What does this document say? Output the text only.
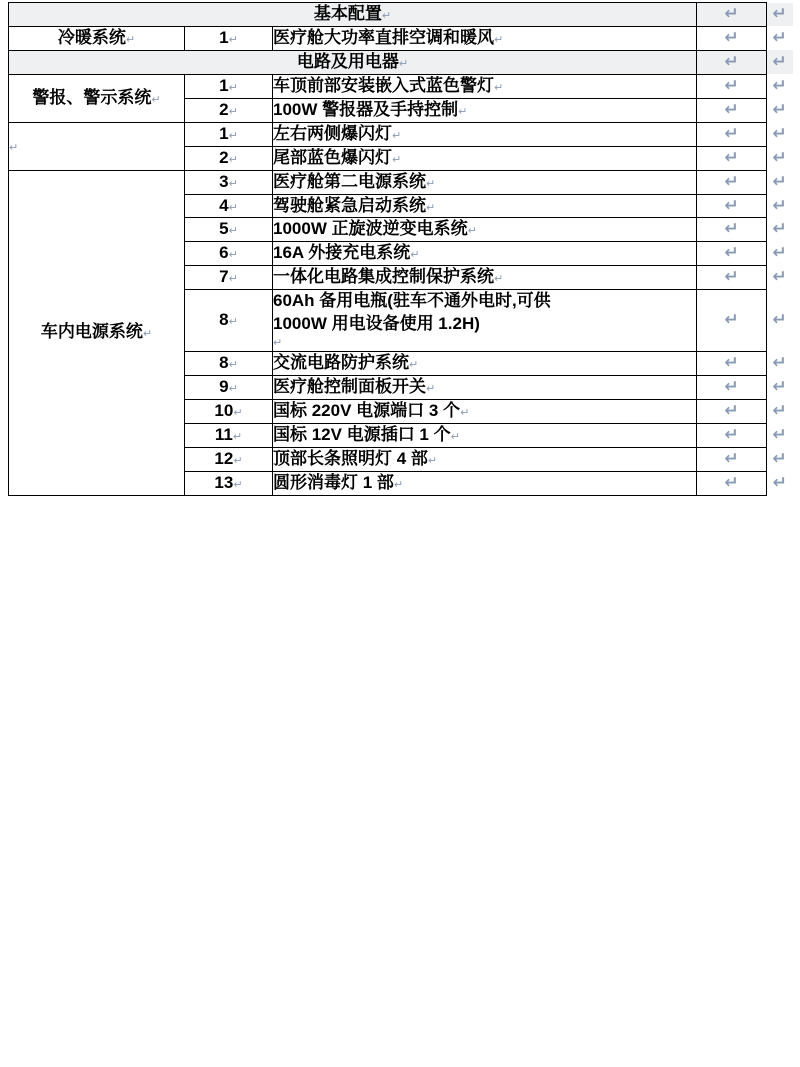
基本配置↵			↵	↵
冷暖系统↵	1↵	医疗舱大功率直排空调和暖风↵	↵	↵
电路及用电器↵			↵	↵
警报、警示系统↵	1↵	车顶前部安装嵌入式蓝色警灯↵	↵	↵
	2↵	100W 警报器及手持控制↵	↵	↵
↵	1↵	左右两侧爆闪灯↵	↵	↵
	2↵	尾部蓝色爆闪灯↵	↵	↵
车内电源系统↵	3↵	医疗舱第二电源系统↵	↵	↵
	4↵	驾驶舱紧急启动系统↵	↵	↵
	5↵	1000W 正旋波逆变电系统↵	↵	↵
	6↵	16A 外接充电系统↵	↵	↵
	7↵	一体化电路集成控制保护系统↵	↵	↵
	8↵	60Ah 备用电瓶(驻车不通外电时,可供
1000W 用电设备使用 1.2H)
↵	↵	↵
	8↵	交流电路防护系统↵	↵	↵
	9↵	医疗舱控制面板开关↵	↵	↵
	10↵	国标 220V 电源端口 3 个↵	↵	↵
	11↵	国标 12V 电源插口 1 个↵	↵	↵
	12↵	顶部长条照明灯 4 部↵	↵	↵
	13↵	圆形消毒灯 1 部↵	↵	↵
